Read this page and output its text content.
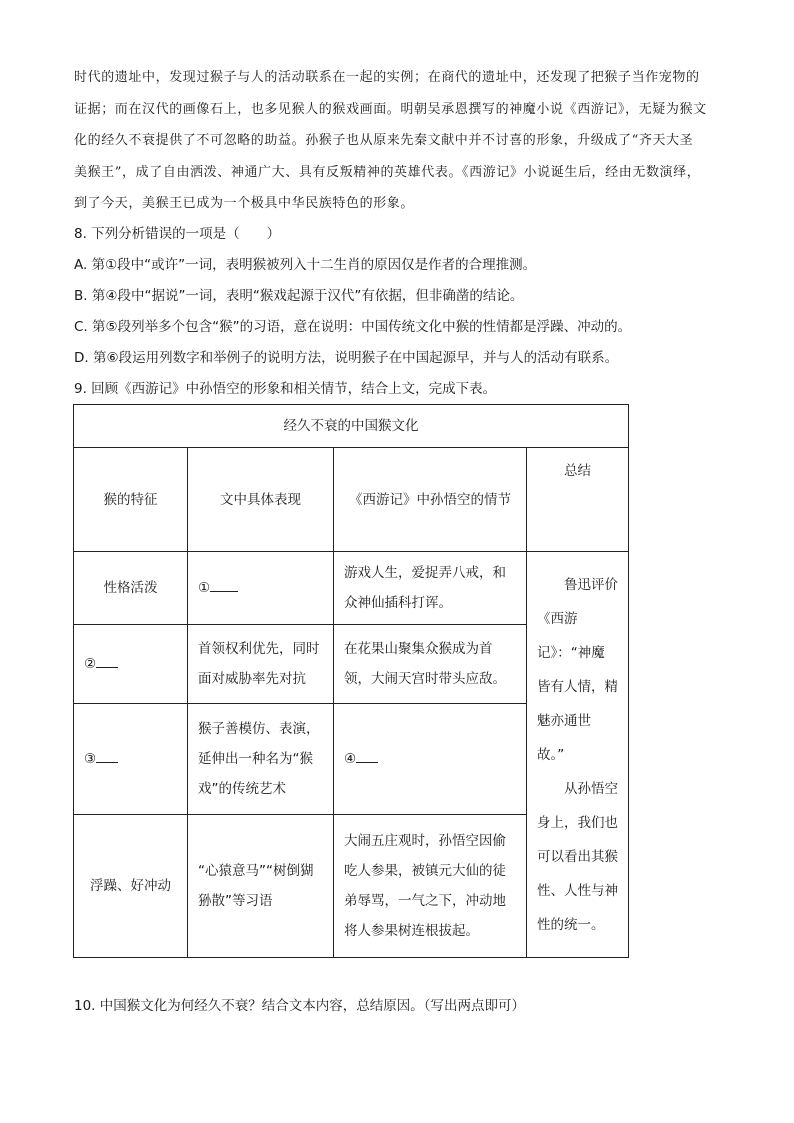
时代的遗址中，发现过猴子与人的活动联系在一起的实例；在商代的遗址中，还发现了把猴子当作宠物的

证据；而在汉代的画像石上，也多见猴人的猴戏画面。明朝吴承恩撰写的神魔小说《西游记》，无疑为猴文

化的经久不衰提供了不可忽略的助益。孙猴子也从原来先秦文献中并不讨喜的形象，升级成了“齐天大圣

美猴王”，成了自由洒泼、神通广大、具有反叛精神的英雄代表。《西游记》小说诞生后，经由无数演绎，

到了今天，美猴王已成为一个极具中华民族特色的形象。

8. 下列分析错误的一项是（　　）
A. 第①段中“或许”一词，表明猴被列入十二生肖的原因仅是作者的合理推测。
B. 第④段中“据说”一词，表明“猴戏起源于汉代”有依据，但非确凿的结论。
C. 第⑤段列举多个包含“猴”的习语，意在说明：中国传统文化中猴的性情都是浮躁、冲动的。
D. 第⑥段运用列数字和举例子的说明方法，说明猴子在中国起源早，并与人的活动有联系。
9. 回顾《西游记》中孙悟空的形象和相关情节，结合上文，完成下表。
经久不衰的中国猴文化			
猴的特征	文中具体表现	《西游记》中孙悟空的情节	总结
性格活泼	①	游戏人生，爱捉弄八戒，和众神仙插科打诨。	鲁迅评价《西游记》：“神魔皆有人情，精魅亦通世故。”

从孙悟空身上，我们也可以看出其猴性、人性与神性的统一。

②	首领权利优先，同时面对威胁率先对抗	在花果山聚集众猴成为首领，大闹天宫时带头应敌。	
③	猴子善模仿、表演，延伸出一种名为“猴戏”的传统艺术	④	
浮躁、好冲动	“心猿意马”“树倒猢狲散”等习语	大闹五庄观时，孙悟空因偷吃人参果，被镇元大仙的徒弟辱骂，一气之下，冲动地将人参果树连根拔起。	
10. 中国猴文化为何经久不衰？结合文本内容，总结原因。（写出两点即可）
